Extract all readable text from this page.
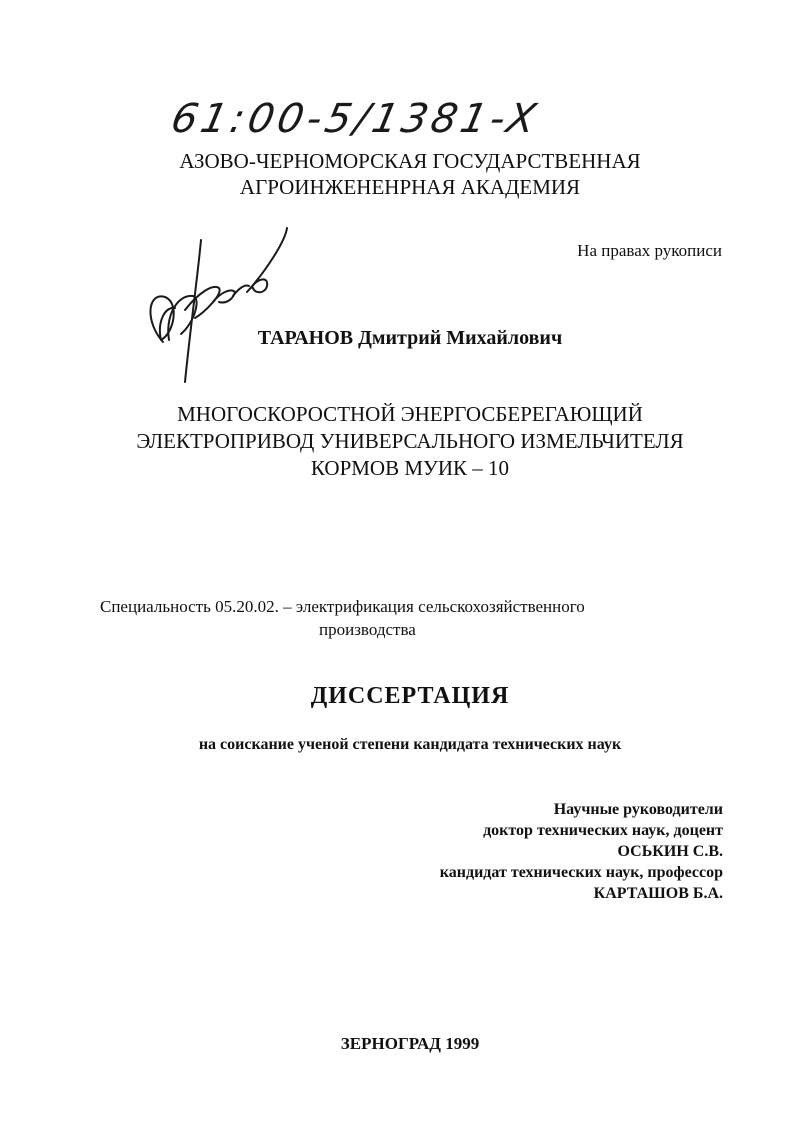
61:00-5/1381-X
АЗОВО-ЧЕРНОМОРСКАЯ ГОСУДАРСТВЕННАЯ
АГРОИНЖЕНЕНРНАЯ АКАДЕМИЯ
На правах рукописи
ТАРАНОВ Дмитрий Михайлович
МНОГОСКОРОСТНОЙ ЭНЕРГОСБЕРЕГАЮЩИЙ
ЭЛЕКТРОПРИВОД УНИВЕРСАЛЬНОГО ИЗМЕЛЬЧИТЕЛЯ
КОРМОВ МУИК – 10
Специальность 05.20.02. – электрификация сельскохозяйственного
производства
ДИССЕРТАЦИЯ
на соискание ученой степени кандидата технических наук
Научные руководители
доктор технических наук, доцент
ОСЬКИН С.В.
кандидат технических наук, профессор
КАРТАШОВ Б.А.
ЗЕРНОГРАД 1999
